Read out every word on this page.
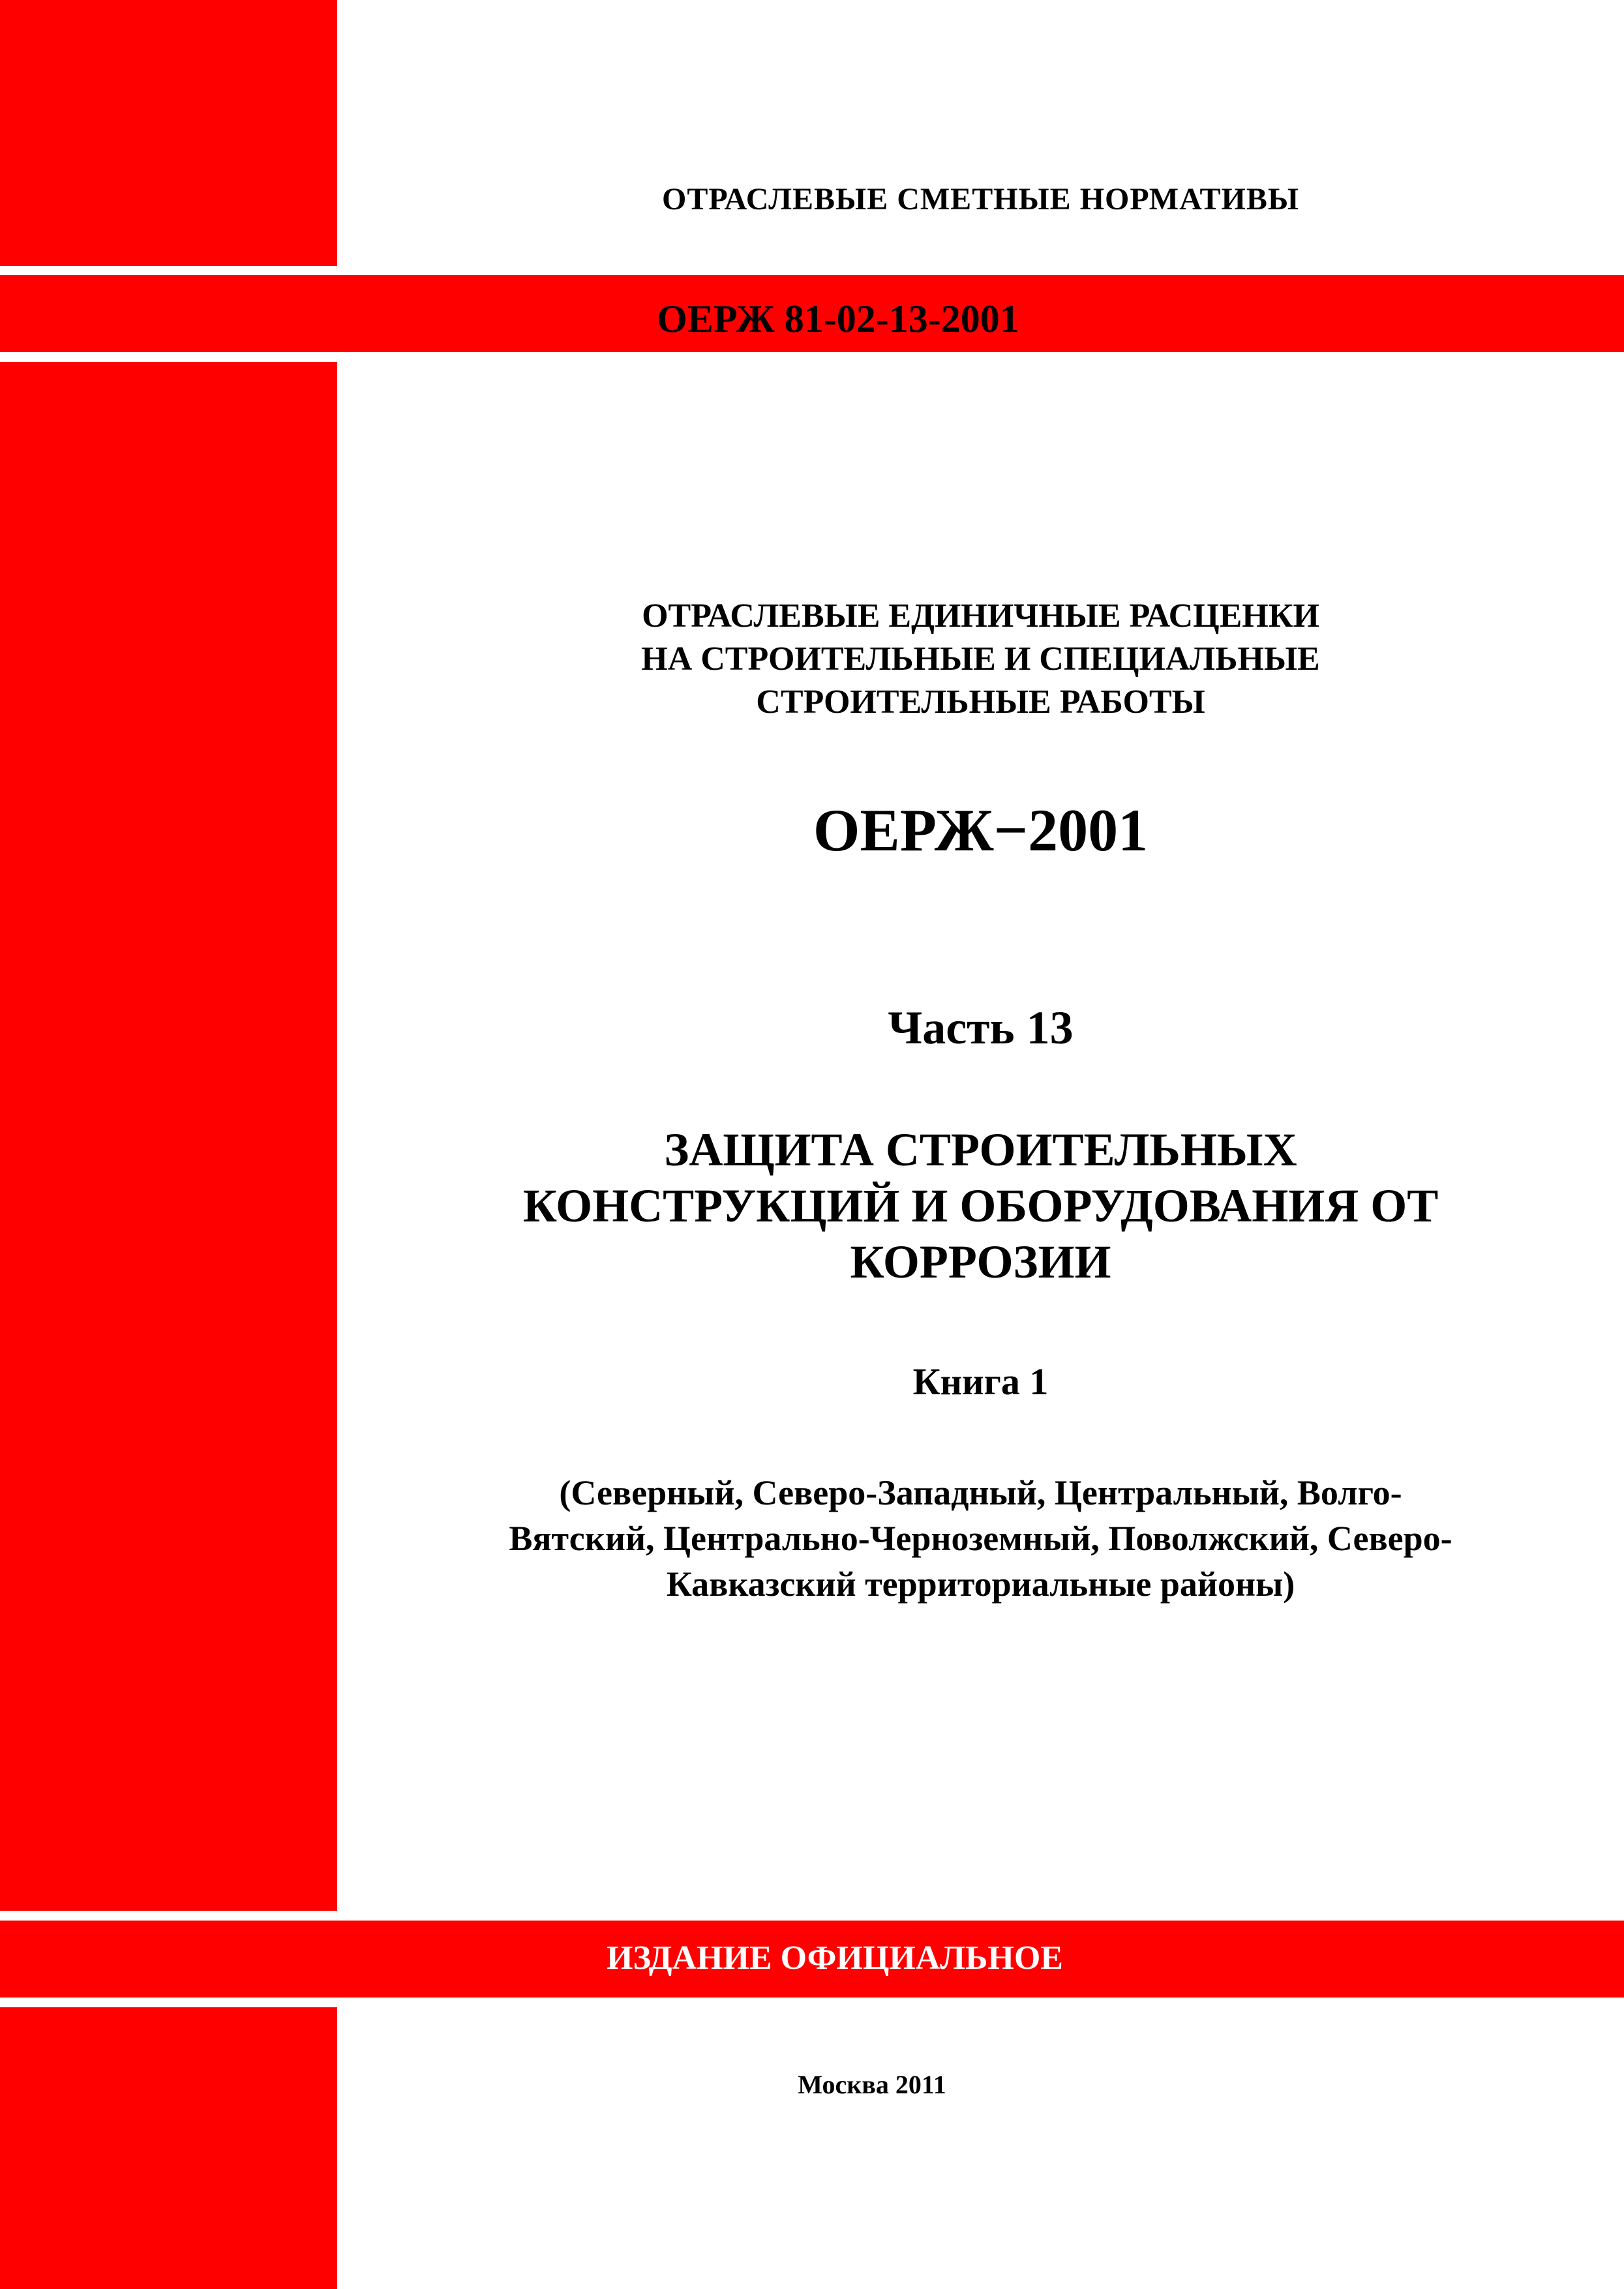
ОТРАСЛЕВЫЕ СМЕТНЫЕ НОРМАТИВЫ

ОЕРЖ 81-02-13-2001

ОТРАСЛЕВЫЕ ЕДИНИЧНЫЕ РАСЦЕНКИ
НА СТРОИТЕЛЬНЫЕ И СПЕЦИАЛЬНЫЕ
СТРОИТЕЛЬНЫЕ РАБОТЫ

ОЕРЖ−2001

Часть 13

ЗАЩИТА СТРОИТЕЛЬНЫХ
КОНСТРУКЦИЙ И ОБОРУДОВАНИЯ ОТ
КОРРОЗИИ

Книга 1

(Северный, Северо-Западный, Центральный, Волго-
Вятский, Центрально-Черноземный, Поволжский, Северо-
Кавказский территориальные районы)

ИЗДАНИЕ ОФИЦИАЛЬНОЕ

Москва 2011
